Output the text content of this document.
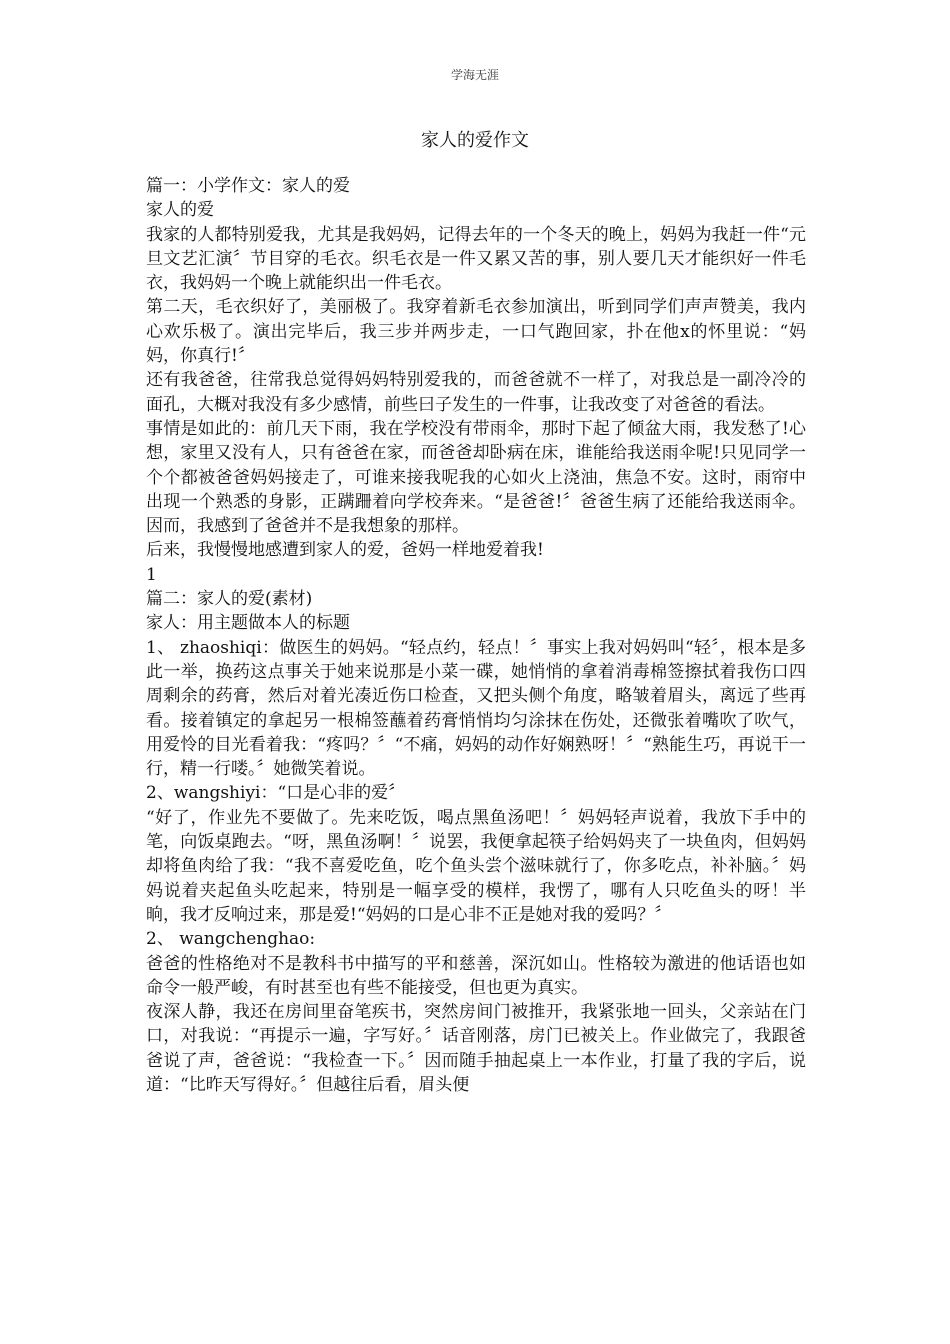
学海无涯
家人的爱作文

篇一：小学作文：家人的爱

家人的爱

我家的人都特别爱我，尤其是我妈妈，记得去年的一个冬天的晚上，妈妈为我赶一件“元旦文艺汇演〞节目穿的毛衣。织毛衣是一件又累又苦的事，别人要几天才能织好一件毛衣，我妈妈一个晚上就能织出一件毛衣。

第二天，毛衣织好了，美丽极了。我穿着新毛衣参加演出，听到同学们声声赞美，我内心欢乐极了。演出完毕后，我三步并两步走，一口气跑回家，扑在他x的怀里说：“妈妈，你真行!〞

还有我爸爸，往常我总觉得妈妈特别爱我的，而爸爸就不一样了，对我总是一副冷冷的面孔，大概对我没有多少感情，前些曰子发生的一件事，让我改变了对爸爸的看法。

事情是如此的：前几天下雨，我在学校没有带雨伞，那时下起了倾盆大雨，我发愁了!心想，家里又没有人，只有爸爸在家，而爸爸却卧病在床，谁能给我送雨伞呢!只见同学一个个都被爸爸妈妈接走了，可谁来接我呢我的心如火上浇油，焦急不安。这时，雨帘中出现一个熟悉的身影，正蹒跚着向学校奔来。“是爸爸!〞爸爸生病了还能给我送雨伞。因而，我感到了爸爸并不是我想象的那样。

后来，我慢慢地感遭到家人的爱，爸妈一样地爱着我!

1

篇二：家人的爱(素材)

家人：用主题做本人的标题

1、 zhaoshiqi：做医生的妈妈。“轻点约，轻点！〞事实上我对妈妈叫“轻〞，根本是多此一举，换药这点事关于她来说那是小菜一碟，她悄悄的拿着消毒棉签擦拭着我伤口四周剩余的药膏，然后对着光凑近伤口检查，又把头侧个角度，略皱着眉头，离远了些再看。接着镇定的拿起另一根棉签蘸着药膏悄悄均匀涂抹在伤处，还微张着嘴吹了吹气，用爱怜的目光看着我：“疼吗？〞“不痛，妈妈的动作好娴熟呀！〞“熟能生巧，再说干一行，精一行喽。〞她微笑着说。

2、wangshiyi：“口是心非的爱〞

“好了，作业先不要做了。先来吃饭，喝点黑鱼汤吧！〞妈妈轻声说着，我放下手中的笔，向饭桌跑去。“呀，黑鱼汤啊！〞说罢，我便拿起筷子给妈妈夹了一块鱼肉，但妈妈却将鱼肉给了我：“我不喜爱吃鱼，吃个鱼头尝个滋味就行了，你多吃点，补补脑。〞妈妈说着夹起鱼头吃起来，特别是一幅享受的模样，我愣了，哪有人只吃鱼头的呀！半晌，我才反响过来，那是爱!“妈妈的口是心非不正是她对我的爱吗？〞

2、 wangchenghao:

爸爸的性格绝对不是教科书中描写的平和慈善，深沉如山。性格较为激进的他话语也如命令一般严峻，有时甚至也有些不能接受，但也更为真实。

夜深人静，我还在房间里奋笔疾书，突然房间门被推开，我紧张地一回头，父亲站在门口，对我说：“再提示一遍，字写好。〞话音刚落，房门已被关上。作业做完了，我跟爸爸说了声，爸爸说：“我检查一下。〞因而随手抽起桌上一本作业，打量了我的字后，说道：“比昨天写得好。〞但越往后看，眉头便
